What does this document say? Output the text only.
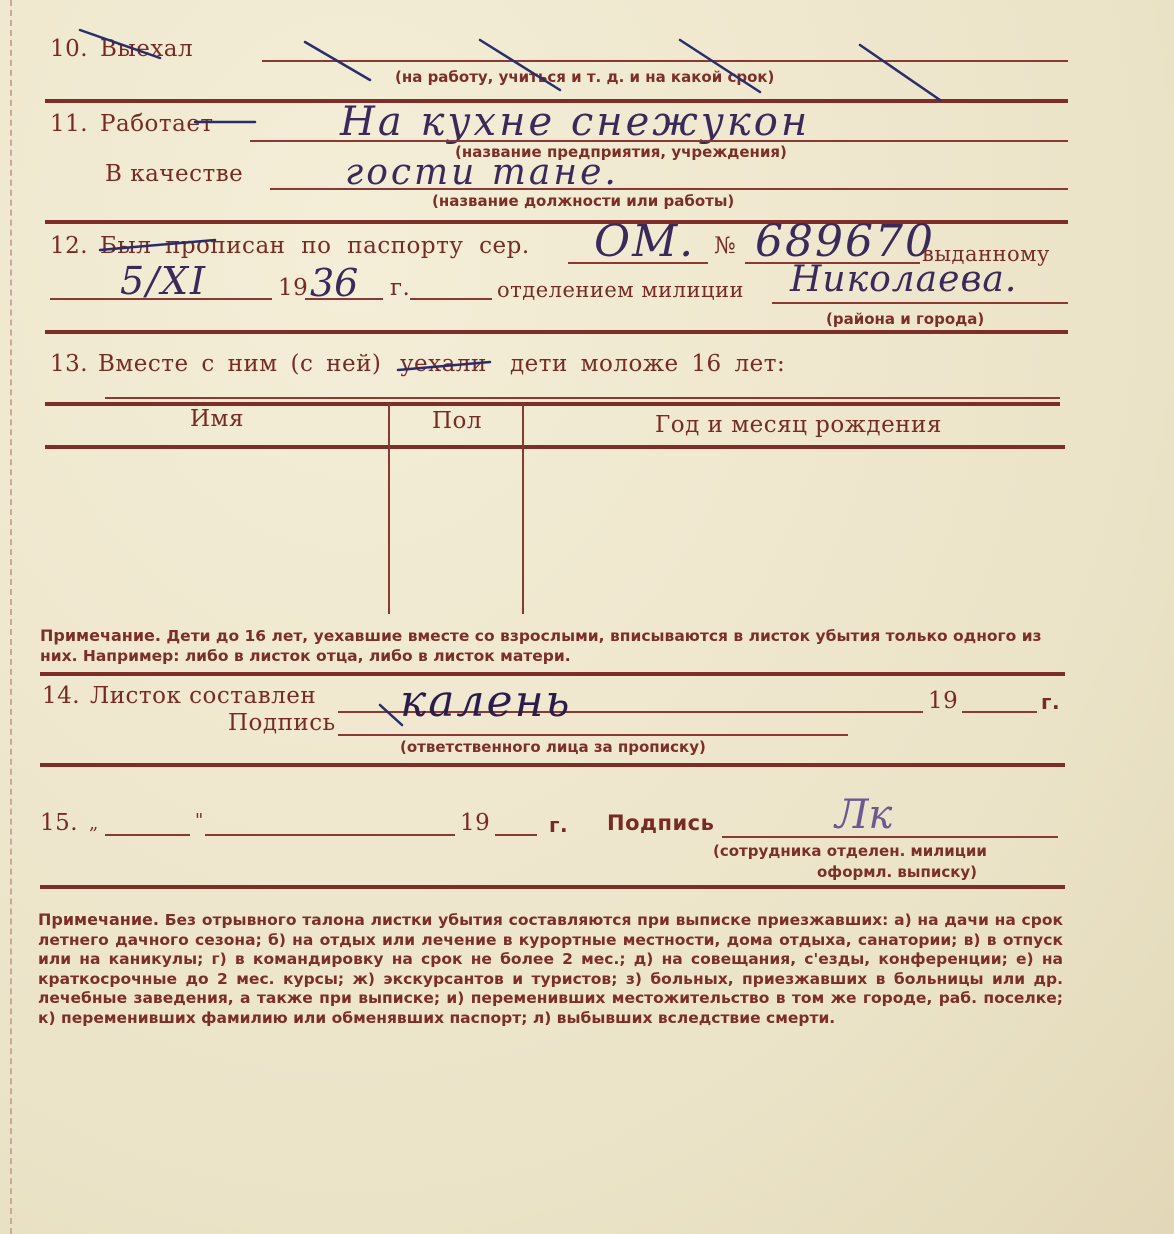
10. Выехал
(на работу, учиться и т. д. и на какой срок)
11. Работает	На кухне снежукон
(название предприятия, учреждения)
В качестве	гости тане.
(название должности или работы)
12. Был прописан по паспорту сер. ОМ. № 689670
выданному
5/XI	19 36 г.	отделением милиции Николаева.
(района и города)
13. Вместе с ним (с ней) уехали дети моложе 16 лет:
Имя	Пол	Год и месяц рождения
Примечание. Дети до 16 лет, уехавшие вместе со взрослыми, вписываются в листок убытия только одного из них. Например: либо в листок отца, либо в листок матери.
14. Листок составлен	19	г.
Подпись калень
(ответственного лица за прописку)
15. „	"	19	г. Подпись	Лк
(сотрудника отделен. милиции
оформл. выписку)
Примечание. Без отрывного талона листки убытия составляются при выписке приезжавших: а) на дачи на срок летнего дачного сезона; б) на отдых или лечение в курортные местности, дома отдыха, санатории; в) в отпуск или на каникулы; г) в командировку на срок не более 2 мес.; д) на совещания, с'езды, конференции; е) на краткосрочные до 2 мес. курсы; ж) экскурсантов и туристов; з) больных, приезжавших в больницы или др. лечебные заведения, а также при выписке; и) переменивших местожительство в том же городе, раб. поселке; к) переменивших фамилию или обменявших паспорт; л) выбывших вследствие смерти.
